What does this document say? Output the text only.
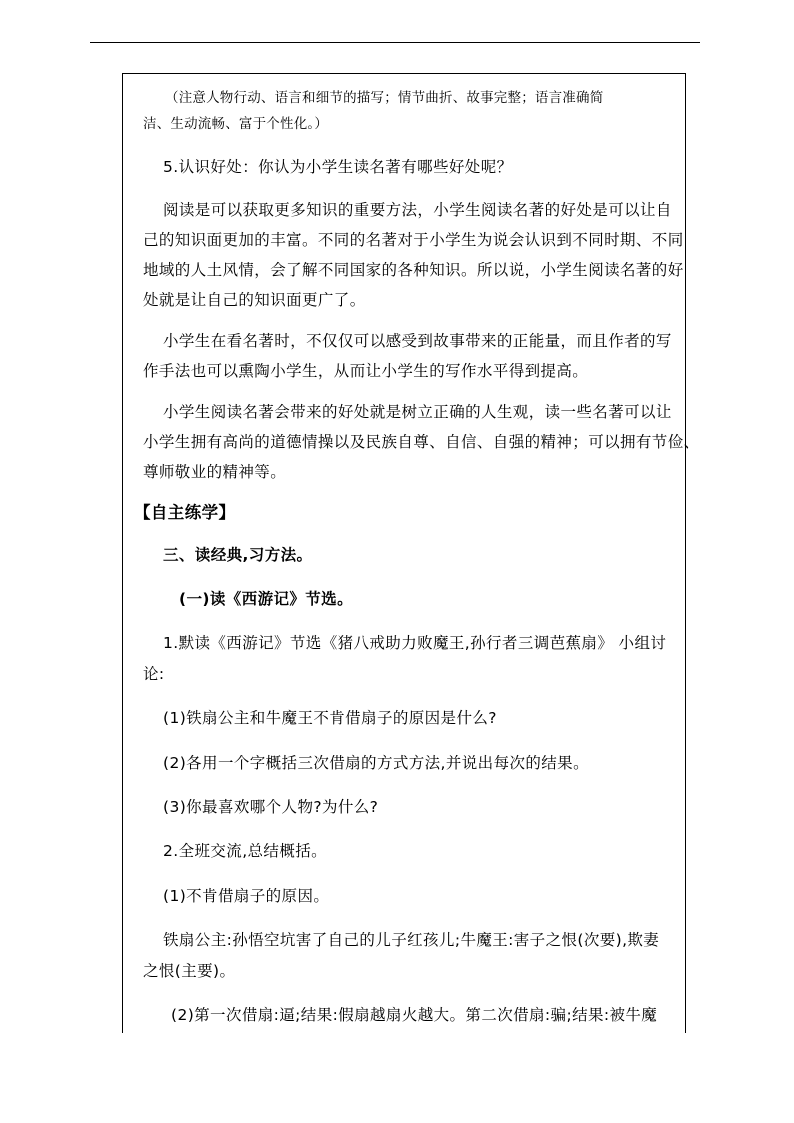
（注意人物行动、语言和细节的描写；情节曲折、故事完整；语言准确简

洁、生动流畅、富于个性化。）

5.认识好处：你认为小学生读名著有哪些好处呢？

阅读是可以获取更多知识的重要方法，小学生阅读名著的好处是可以让自

己的知识面更加的丰富。不同的名著对于小学生为说会认识到不同时期、不同

地域的人土风情，会了解不同国家的各种知识。所以说，小学生阅读名著的好

处就是让自己的知识面更广了。

小学生在看名著时，不仅仅可以感受到故事带来的正能量，而且作者的写

作手法也可以熏陶小学生，从而让小学生的写作水平得到提高。

小学生阅读名著会带来的好处就是树立正确的人生观，读一些名著可以让

小学生拥有高尚的道德情操以及民族自尊、自信、自强的精神；可以拥有节俭、

尊师敬业的精神等。

【自主练学】

三、读经典,习方法。

(一)读《西游记》节选。

1.默读《西游记》节选《猪八戒助力败魔王,孙行者三调芭蕉扇》 小组讨

论:

(1)铁扇公主和牛魔王不肯借扇子的原因是什么?

(2)各用一个字概括三次借扇的方式方法,并说出每次的结果。

(3)你最喜欢哪个人物?为什么?

2.全班交流,总结概括。

(1)不肯借扇子的原因。

铁扇公主:孙悟空坑害了自己的儿子红孩儿;牛魔王:害子之恨(次要),欺妻

之恨(主要)。

(2)第一次借扇:逼;结果:假扇越扇火越大。第二次借扇:骗;结果:被牛魔
